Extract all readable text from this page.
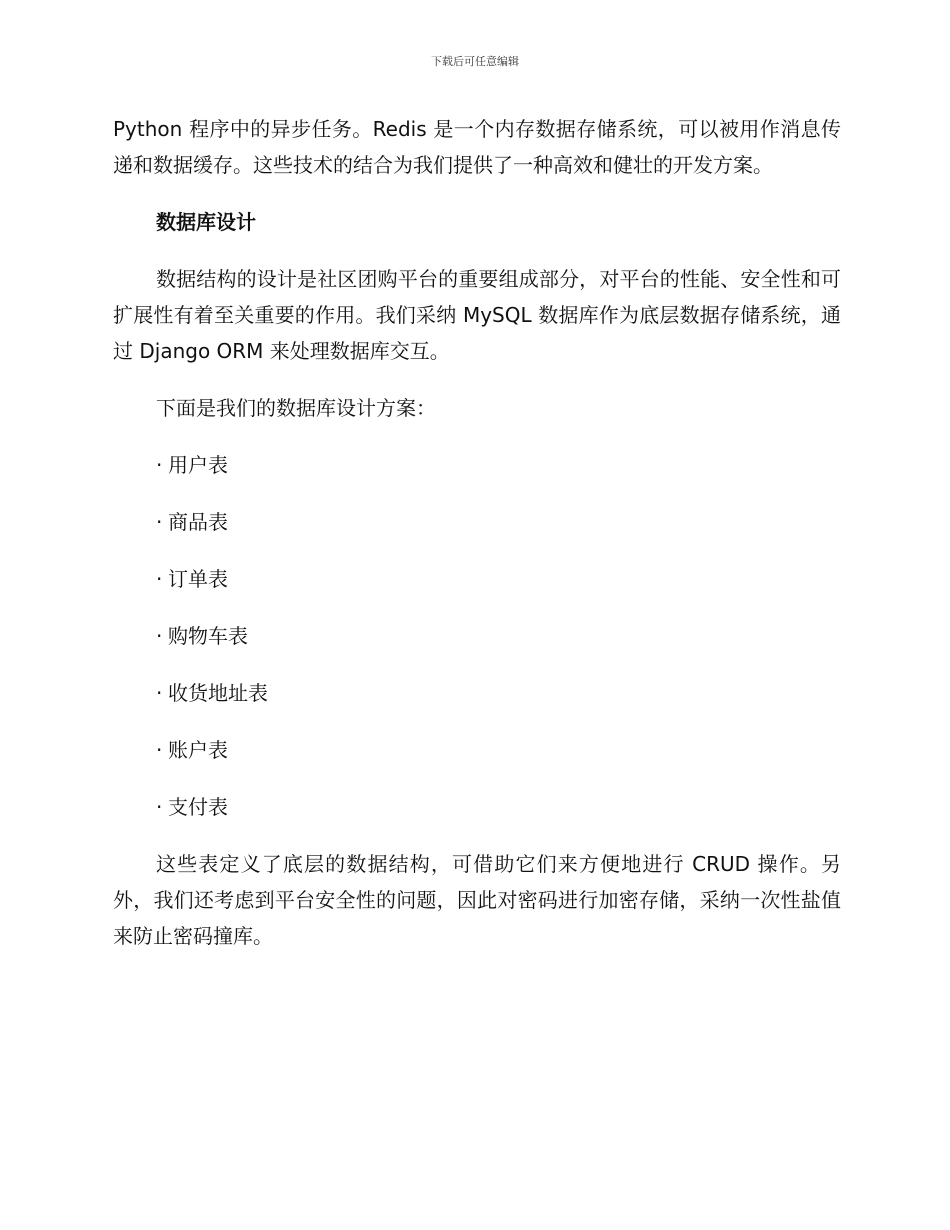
下载后可任意编辑

Python 程序中的异步任务。Redis 是一个内存数据存储系统，可以被用作消息传递和数据缓存。这些技术的结合为我们提供了一种高效和健壮的开发方案。

数据库设计

数据结构的设计是社区团购平台的重要组成部分，对平台的性能、安全性和可扩展性有着至关重要的作用。我们采纳 MySQL 数据库作为底层数据存储系统，通过 Django ORM 来处理数据库交互。

下面是我们的数据库设计方案：

· 用户表
· 商品表
· 订单表
· 购物车表
· 收货地址表
· 账户表
· 支付表

这些表定义了底层的数据结构，可借助它们来方便地进行 CRUD 操作。另外，我们还考虑到平台安全性的问题，因此对密码进行加密存储，采纳一次性盐值来防止密码撞库。
